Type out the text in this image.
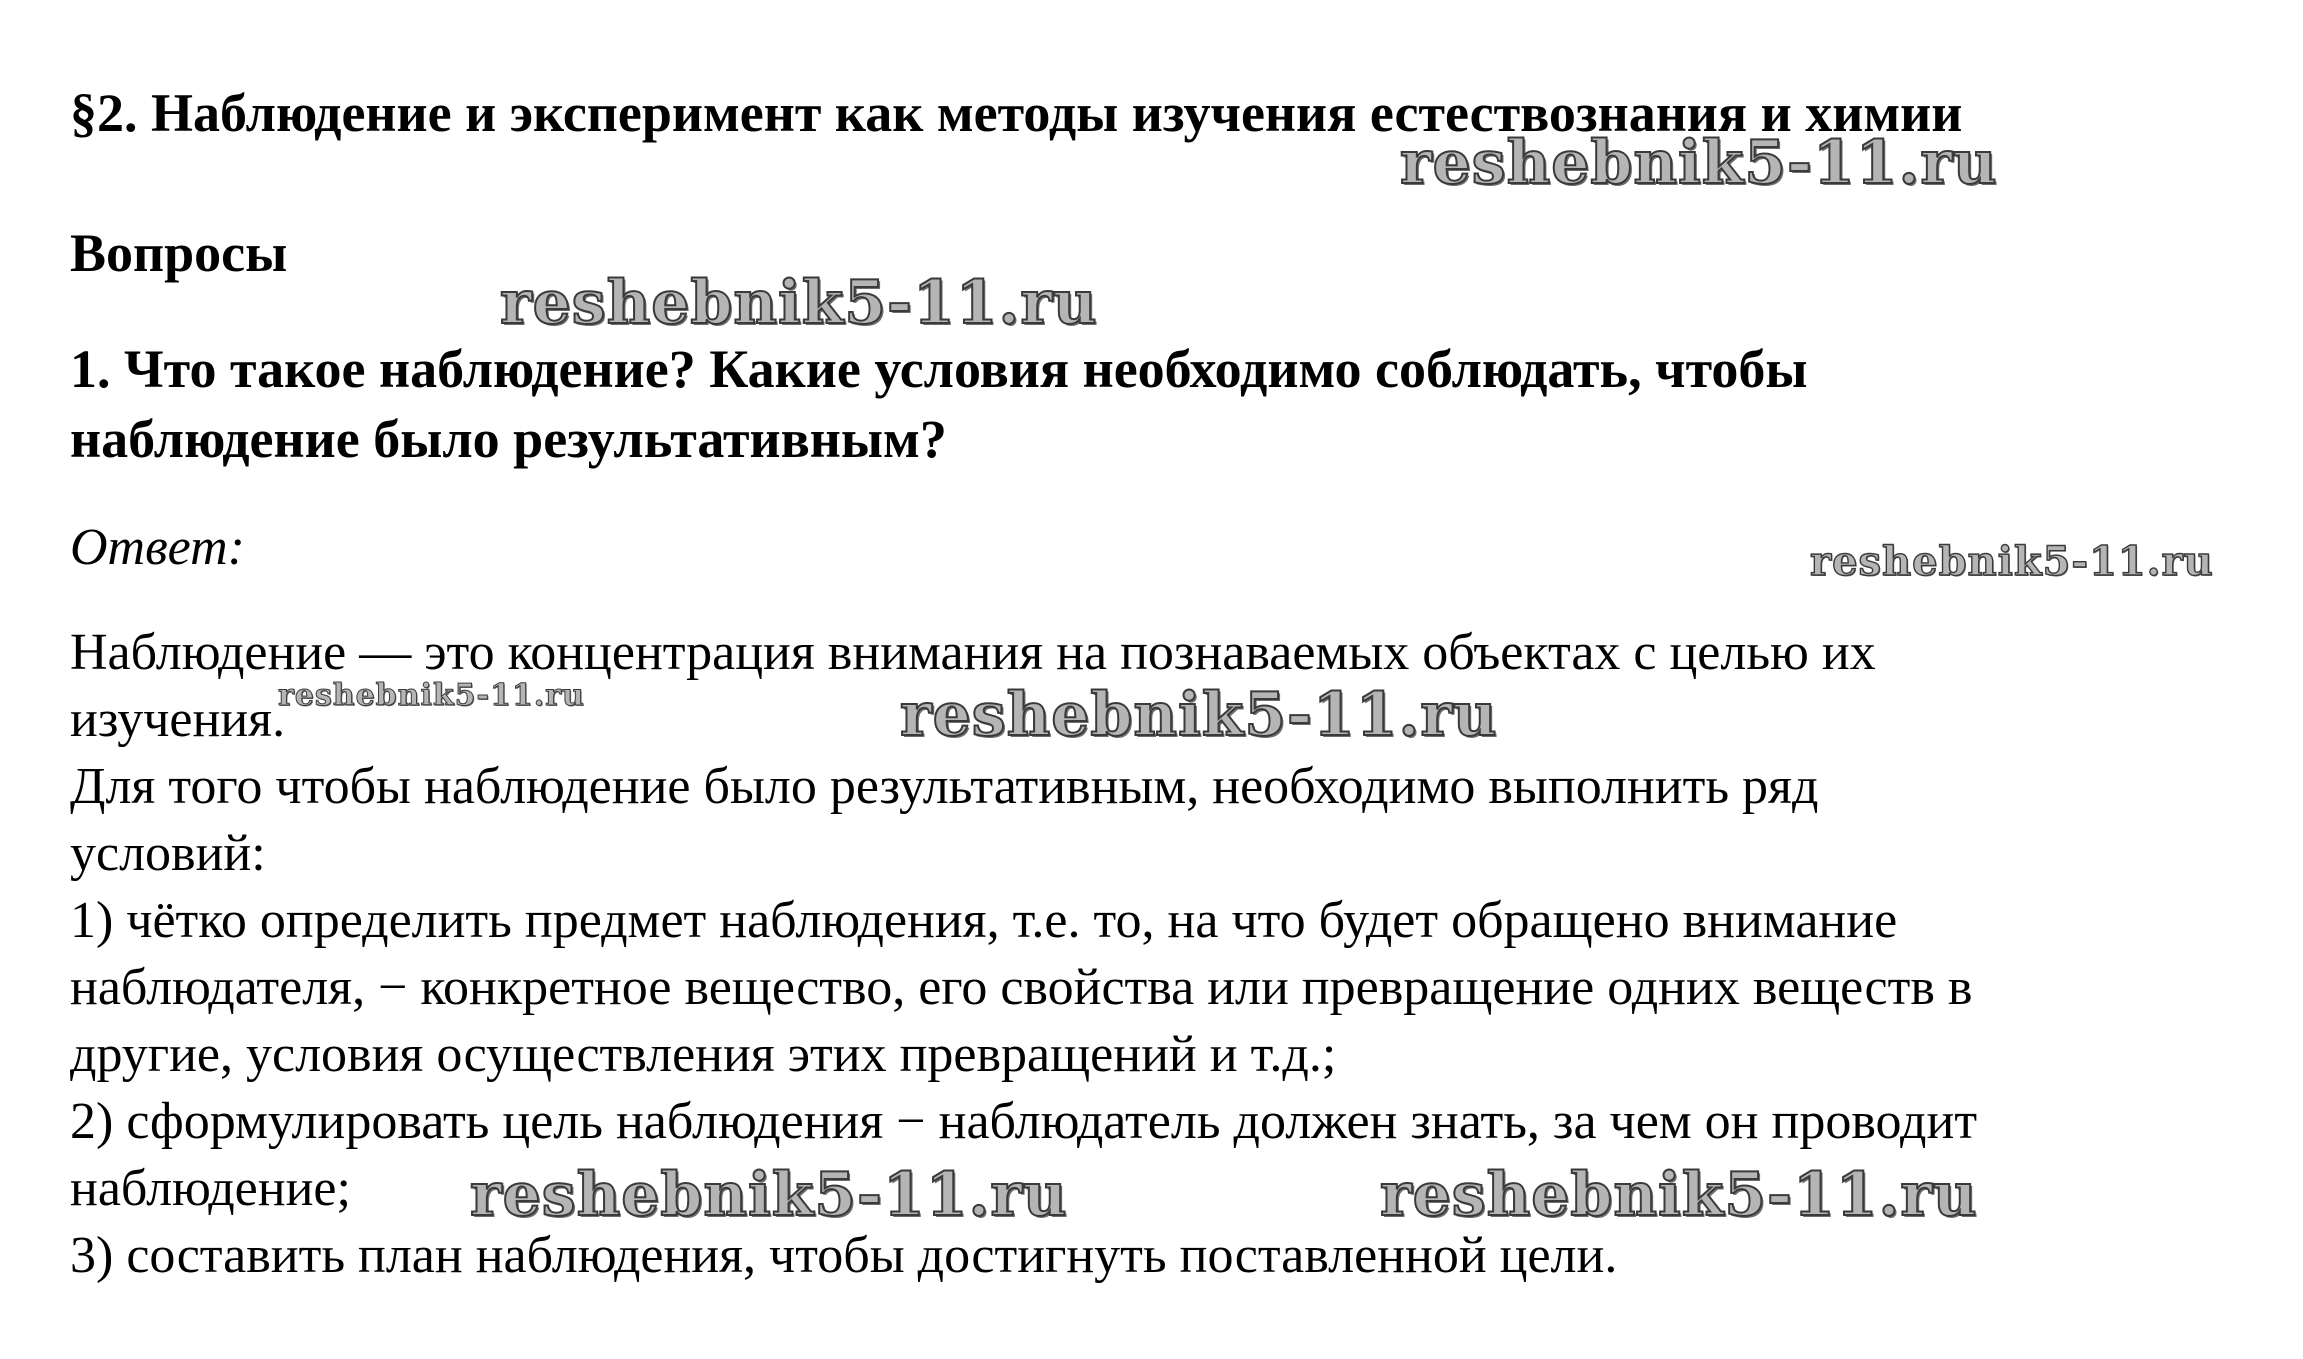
§2. Наблюдение и эксперимент как методы изучения естествознания и химии
Вопросы
1. Что такое наблюдение? Какие условия необходимо соблюдать, чтобы
наблюдение было результативным?
Ответ:
Наблюдение — это концентрация внимания на познаваемых объектах с целью их
изучения.
Для того чтобы наблюдение было результативным, необходимо выполнить ряд
условий:
1) чётко определить предмет наблюдения, т.е. то, на что будет обращено внимание
наблюдателя, − конкретное вещество, его свойства или превращение одних веществ в
другие, условия осуществления этих превращений и т.д.;
2) сформулировать цель наблюдения − наблюдатель должен знать, за чем он проводит
наблюдение;
3) составить план наблюдения, чтобы достигнуть поставленной цели.
reshebnik5-11.ru
reshebnik5-11.ru
reshebnik5-11.ru
reshebnik5-11.ru	reshebnik5-11.ru
reshebnik5-11.ru	reshebnik5-11.ru
